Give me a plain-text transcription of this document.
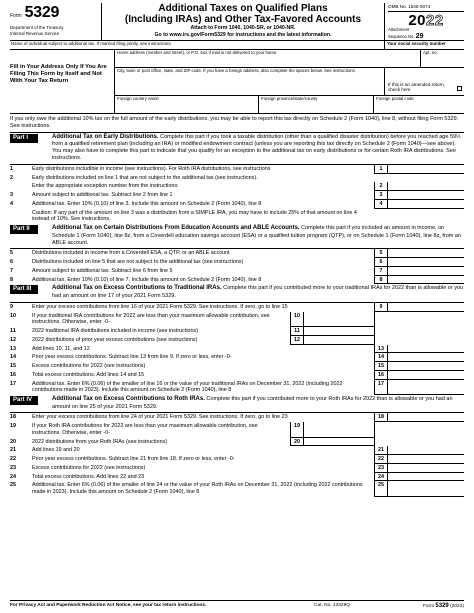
Form 5329
Department of the Treasury
Internal Revenue Service
Additional Taxes on Qualified Plans
(Including IRAs) and Other Tax-Favored Accounts
Attach to Form 1040, 1040-SR, or 1040-NR.
Go to www.irs.gov/Form5329 for instructions and the latest information.
OMB No. 1545-0074
2022
Attachment
Sequence No. 29
Name of individual subject to additional tax. If married filing jointly, see instructions.	Your social security number
Fill in Your Address Only If You Are Filing This Form by Itself and Not With Your Tax Return
Home address (number and street), or P.O. box if mail is not delivered to your home	Apt. no.
City, town or post office, state, and ZIP code. If you have a foreign address, also complete the spaces below. See instructions.
If this is an amended return, check here
Foreign country name	Foreign province/state/county	Foreign postal code
If you only owe the additional 10% tax on the full amount of the early distributions, you may be able to report this tax directly on Schedule 2 (Form 1040), line 8, without filing Form 5329. See instructions.
Part I	Additional Tax on Early Distributions. Complete this part if you took a taxable distribution (other than a qualified disaster distribution) before you reached age 59½ from a qualified retirement plan (including an IRA) or modified endowment contract (unless you are reporting this tax directly on Schedule 2 (Form 1040)—see above). You may also have to complete this part to indicate that you qualify for an exception to the additional tax on early distributions or for certain Roth IRA distributions. See instructions.
1	Early distributions includible in income (see instructions). For Roth IRA distributions, see instructions	1
2	Early distributions included on line 1 that are not subject to the additional tax (see instructions).
Enter the appropriate exception number from the instructions:	2
3	Amount subject to additional tax. Subtract line 2 from line 1	3
4	Additional tax. Enter 10% (0.10) of line 3. Include this amount on Schedule 2 (Form 1040), line 8	4
Caution: If any part of the amount on line 3 was a distribution from a SIMPLE IRA, you may have to include 25% of that amount on line 4 instead of 10%. See instructions.
Part II	Additional Tax on Certain Distributions From Education Accounts and ABLE Accounts. Complete this part if you included an amount in income, on Schedule 1 (Form 1040), line 8z, from a Coverdell education savings account (ESA) or a qualified tuition program (QTP), or on Schedule 1 (Form 1040), line 8z, from an ABLE account.
5	Distributions included in income from a Coverdell ESA, a QTP, or an ABLE account	5
6	Distributions included on line 5 that are not subject to the additional tax (see instructions)	6
7	Amount subject to additional tax. Subtract line 6 from line 5	7
8	Additional tax. Enter 10% (0.10) of line 7. Include this amount on Schedule 2 (Form 1040), line 8	8
Part III	Additional Tax on Excess Contributions to Traditional IRAs. Complete this part if you contributed more to your traditional IRAs for 2022 than is allowable or you had an amount on line 17 of your 2021 Form 5329.
9	Enter your excess contributions from line 16 of your 2021 Form 5329. See instructions. If zero, go to line 15	9
10	If your traditional IRA contributions for 2022 are less than your maximum allowable contribution, see instructions. Otherwise, enter -0-
10
11	2022 traditional IRA distributions included in income (see instructions)	11
12	2022 distributions of prior year excess contributions (see instructions)	12
13	Add lines 10, 11, and 12	13
14	Prior year excess contributions. Subtract line 13 from line 9. If zero or less, enter -0-	14
15	Excess contributions for 2022 (see instructions)	15
16	Total excess contributions. Add lines 14 and 15	16
17	Additional tax. Enter 6% (0.06) of the smaller of line 16 or the value of your traditional IRAs on December 31, 2022 (including 2022 contributions made in 2023). Include this amount on Schedule 2 (Form 1040), line 8
17
Part IV	Additional Tax on Excess Contributions to Roth IRAs. Complete this part if you contributed more to your Roth IRAs for 2022 than is allowable or you had an amount on line 25 of your 2021 Form 5329.
18	Enter your excess contributions from line 24 of your 2021 Form 5329. See instructions. If zero, go to line 23	18
19	If your Roth IRA contributions for 2022 are less than your maximum allowable contribution, see instructions. Otherwise, enter -0-
19
20	2022 distributions from your Roth IRAs (see instructions)	20
21	Add lines 19 and 20	21
22	Prior year excess contributions. Subtract line 21 from line 18. If zero or less, enter -0-	22
23	Excess contributions for 2022 (see instructions)	23
24	Total excess contributions. Add lines 22 and 23	24
25	Additional tax. Enter 6% (0.06) of the smaller of line 24 or the value of your Roth IRAs on December 31, 2022 (including 2022 contributions made in 2023). Include this amount on Schedule 2 (Form 1040), line 8
25
For Privacy Act and Paperwork Reduction Act Notice, see your tax return instructions.	Cat. No. 13329Q	Form 5329 (2022)
